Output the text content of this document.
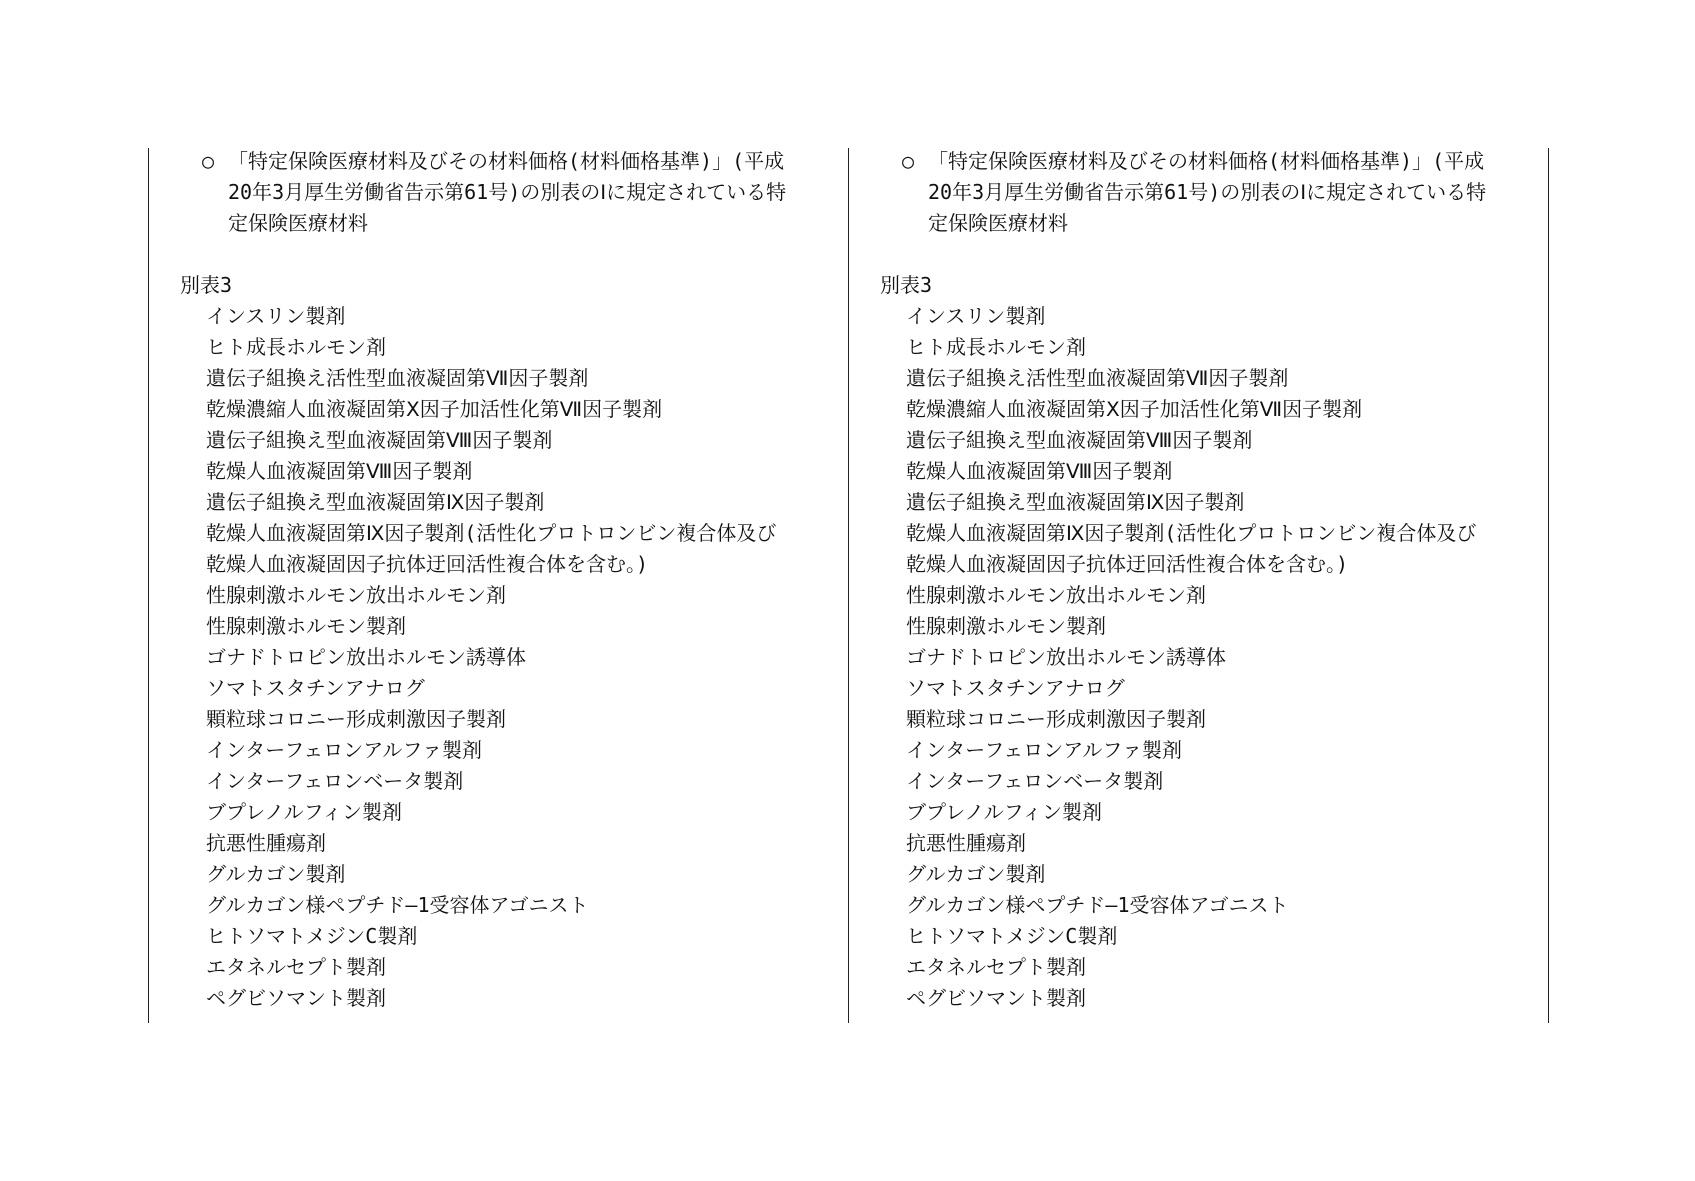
○ 「特定保険医療材料及びその材料価格(材料価格基準)」(平成
20年3月厚生労働省告示第61号)の別表のⅠに規定されている特
定保険医療材料
別表3
インスリン製剤
ヒト成長ホルモン剤
遺伝子組換え活性型血液凝固第Ⅶ因子製剤
乾燥濃縮人血液凝固第Ⅹ因子加活性化第Ⅶ因子製剤
遺伝子組換え型血液凝固第Ⅷ因子製剤
乾燥人血液凝固第Ⅷ因子製剤
遺伝子組換え型血液凝固第Ⅸ因子製剤
乾燥人血液凝固第Ⅸ因子製剤(活性化プロトロンビン複合体及び
乾燥人血液凝固因子抗体迂回活性複合体を含む。)
性腺刺激ホルモン放出ホルモン剤
性腺刺激ホルモン製剤
ゴナドトロピン放出ホルモン誘導体
ソマトスタチンアナログ
顆粒球コロニー形成刺激因子製剤
インターフェロンアルファ製剤
インターフェロンベータ製剤
ブプレノルフィン製剤
抗悪性腫瘍剤
グルカゴン製剤
グルカゴン様ペプチド―1受容体アゴニスト
ヒトソマトメジンC製剤
エタネルセプト製剤
ペグビソマント製剤
○ 「特定保険医療材料及びその材料価格(材料価格基準)」(平成
20年3月厚生労働省告示第61号)の別表のⅠに規定されている特
定保険医療材料
別表3
インスリン製剤
ヒト成長ホルモン剤
遺伝子組換え活性型血液凝固第Ⅶ因子製剤
乾燥濃縮人血液凝固第Ⅹ因子加活性化第Ⅶ因子製剤
遺伝子組換え型血液凝固第Ⅷ因子製剤
乾燥人血液凝固第Ⅷ因子製剤
遺伝子組換え型血液凝固第Ⅸ因子製剤
乾燥人血液凝固第Ⅸ因子製剤(活性化プロトロンビン複合体及び
乾燥人血液凝固因子抗体迂回活性複合体を含む。)
性腺刺激ホルモン放出ホルモン剤
性腺刺激ホルモン製剤
ゴナドトロピン放出ホルモン誘導体
ソマトスタチンアナログ
顆粒球コロニー形成刺激因子製剤
インターフェロンアルファ製剤
インターフェロンベータ製剤
ブプレノルフィン製剤
抗悪性腫瘍剤
グルカゴン製剤
グルカゴン様ペプチド―1受容体アゴニスト
ヒトソマトメジンC製剤
エタネルセプト製剤
ペグビソマント製剤
